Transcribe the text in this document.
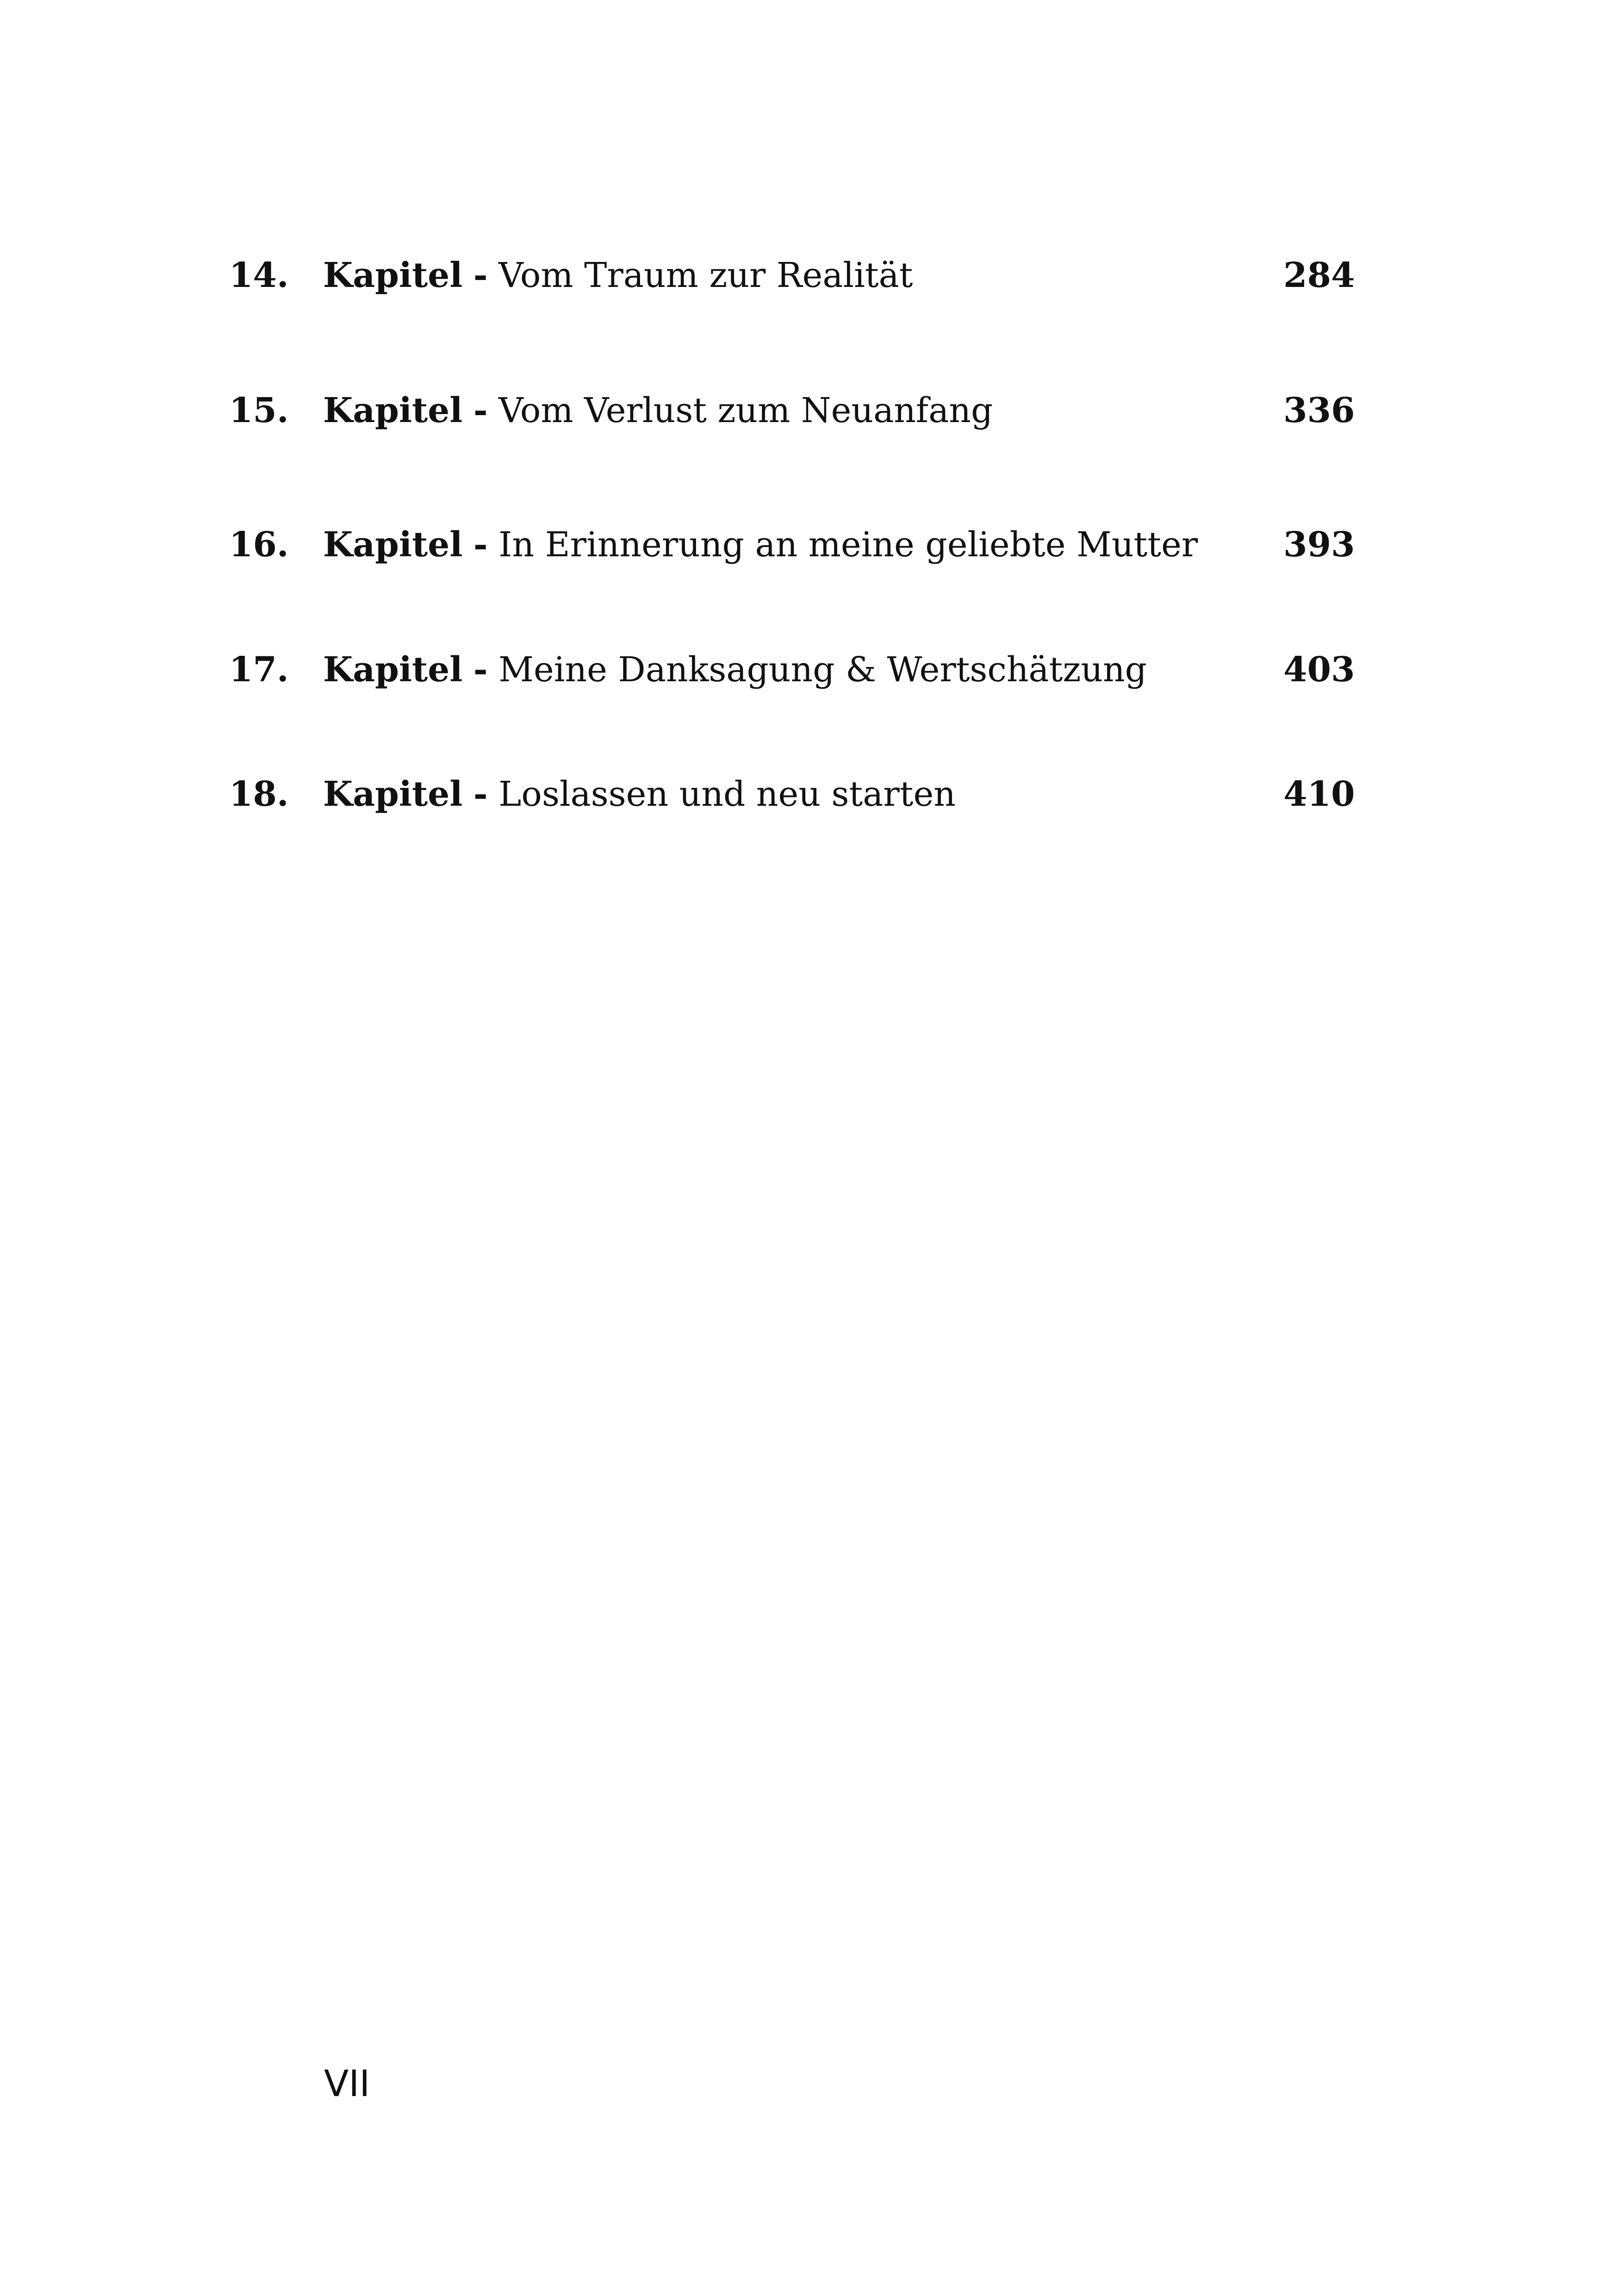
14. Kapitel - Vom Traum zur Realität	284
15. Kapitel - Vom Verlust zum Neuanfang	336
16. Kapitel - In Erinnerung an meine geliebte Mutter 393
17. Kapitel - Meine Danksagung & Wertschätzung	403
18. Kapitel - Loslassen und neu starten	410
VII
